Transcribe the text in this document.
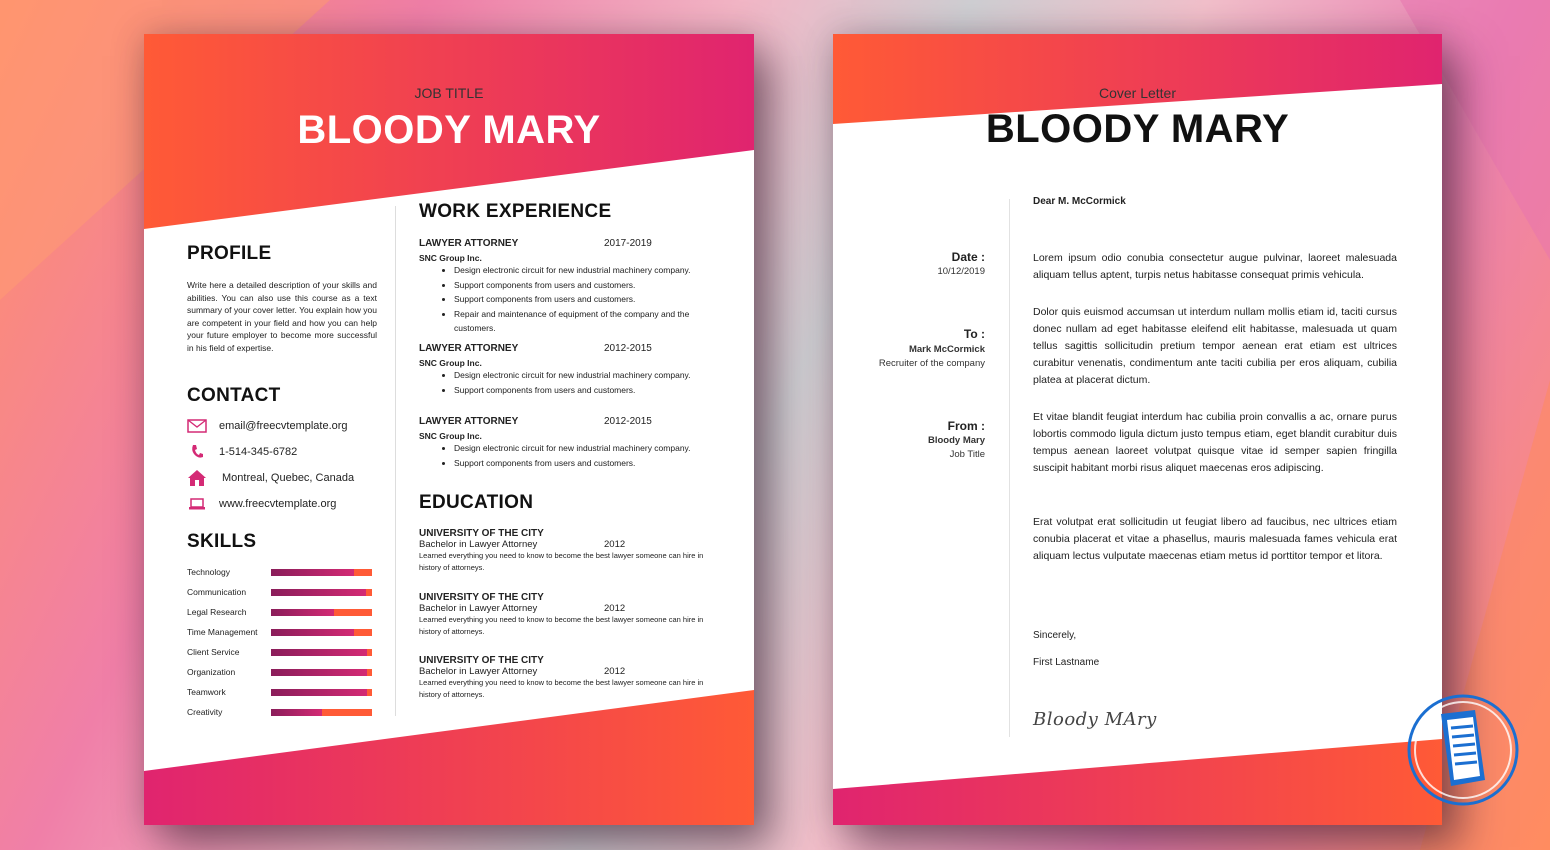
JOB TITLE
BLOODY MARY
PROFILE
Write here a detailed description of your skills and abilities. You can also use this course as a text summary of your cover letter. You explain how you are competent in your field and how you can help your future employer to become more successful in his field of expertise.
CONTACT
email@freecvtemplate.org
1-514-345-6782
Montreal, Quebec, Canada
www.freecvtemplate.org
SKILLS
Technology
Communication
Legal Research
Time Management
Client Service
Organization
Teamwork
Creativity
WORK EXPERIENCE
LAWYER ATTORNEY	2017-2019
SNC Group Inc.
• Design electronic circuit for new industrial machinery company.
• Support components from users and customers.
• Support components from users and customers.
• Repair and maintenance of equipment of the company and the customers.
LAWYER ATTORNEY	2012-2015
SNC Group Inc.
• Design electronic circuit for new industrial machinery company.
• Support components from users and customers.
LAWYER ATTORNEY	2012-2015
SNC Group Inc.
• Design electronic circuit for new industrial machinery company.
• Support components from users and customers.
EDUCATION
UNIVERSITY OF THE CITY
Bachelor in Lawyer Attorney	2012
Learned everything you need to know to become the best lawyer someone can hire in history of attorneys.
UNIVERSITY OF THE CITY
Bachelor in Lawyer Attorney	2012
Learned everything you need to know to become the best lawyer someone can hire in history of attorneys.
UNIVERSITY OF THE CITY
Bachelor in Lawyer Attorney	2012
Learned everything you need to know to become the best lawyer someone can hire in history of attorneys.
Cover Letter
BLOODY MARY
Date :
10/12/2019
To :
Mark McCormick
Recruiter of the company
From :
Bloody Mary
Job Title
Dear M. McCormick
Lorem ipsum odio conubia consectetur augue pulvinar, laoreet malesuada aliquam tellus aptent, turpis netus habitasse consequat primis vehicula.
Dolor quis euismod accumsan ut interdum nullam mollis etiam id, taciti cursus donec nullam ad eget habitasse eleifend elit habitasse, malesuada ut quam tellus sagittis sollicitudin pretium tempor aenean erat etiam est ultrices curabitur venenatis, condimentum ante taciti cubilia per eros aliquam, cubilia platea at placerat dictum.
Et vitae blandit feugiat interdum hac cubilia proin convallis a ac, ornare purus lobortis commodo ligula dictum justo tempus etiam, eget blandit curabitur duis tempus aenean laoreet volutpat quisque vitae id semper sapien fringilla suscipit habitant morbi risus aliquet maecenas eros adipiscing.
Erat volutpat erat sollicitudin ut feugiat libero ad faucibus, nec ultrices etiam conubia placerat et vitae a phasellus, mauris malesuada fames vehicula erat aliquam lectus vulputate maecenas etiam metus id porttitor tempor et litora.
Sincerely,
First Lastname
Bloody MAry
